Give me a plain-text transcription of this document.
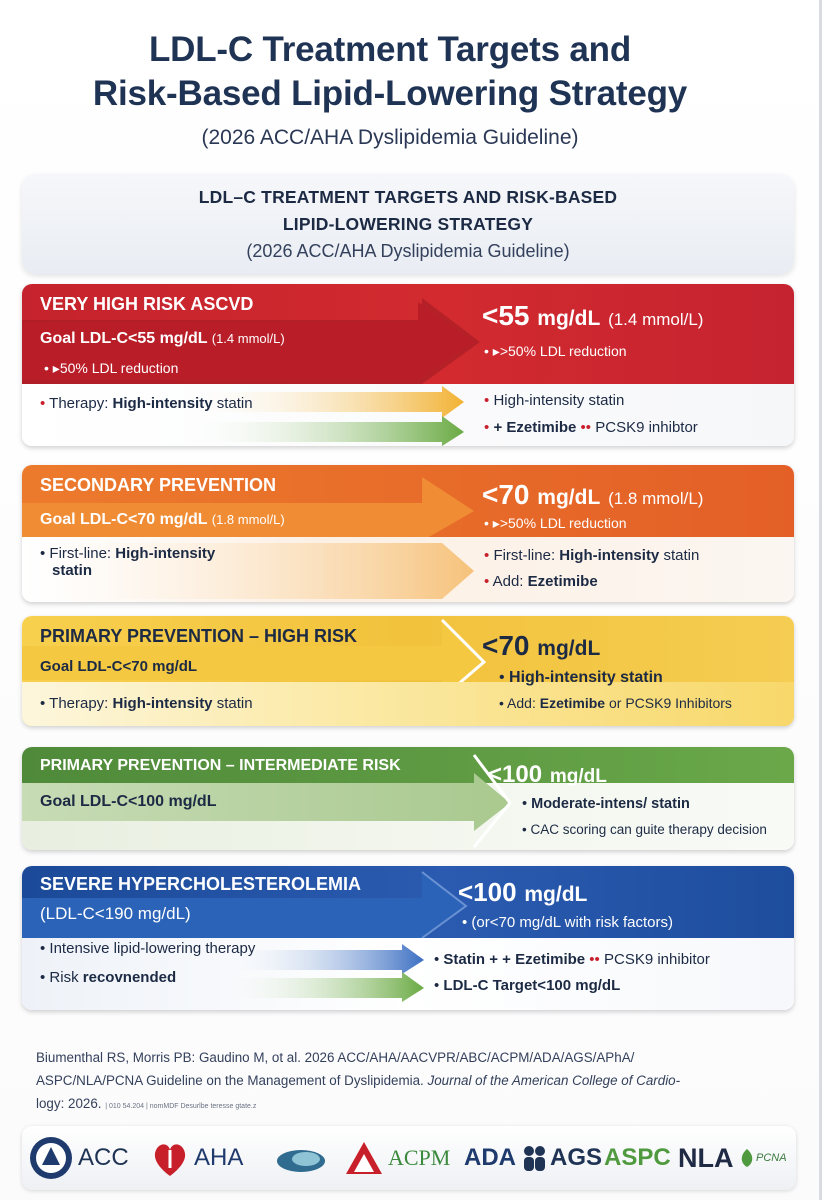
LDL-C Treatment Targets and
Risk-Based Lipid-Lowering Strategy
(2026 ACC/AHA Dyslipidemia Guideline)
LDL–C TREATMENT TARGETS AND RISK-BASED
LIPID-LOWERING STRATEGY
(2026 ACC/AHA Dyslipidemia Guideline)
VERY HIGH RISK ASCVD
Goal LDL-C<55 mg/dL (1.4 mmol/L)
• ▸50% LDL reduction
<55 mg/dL (1.4 mmol/L)
• ▸>50% LDL reduction
• Therapy: High-intensity statin	• High-intensity statin
• + Ezetimibe •• PCSK9 inhibtor
SECONDARY PREVENTION
Goal LDL-C<70 mg/dL (1.8 mmol/L)
<70 mg/dL (1.8 mmol/L)
• ▸>50% LDL reduction
• First-line: High-intensity
statin
• First-line: High-intensity statin
• Add: Ezetimibe
PRIMARY PREVENTION – HIGH RISK
Goal LDL-C<70 mg/dL
<70 mg/dL
• Therapy: High-intensity statin
• High-intensity statin
• Add: Ezetimibe or PCSK9 Inhibitors
PRIMARY PREVENTION – INTERMEDIATE RISK
Goal LDL-C<100 mg/dL
<100 mg/dL
• Moderate-intens/ statin
• CAC scoring can guite therapy decision
SEVERE HYPERCHOLESTEROLEMIA
(LDL-C<190 mg/dL)
<100 mg/dL
• (or<70 mg/dL with risk factors)
• Intensive lipid-lowering therapy
• Risk recovnended
• Statin + + Ezetimibe •• PCSK9 inhibitor
• LDL-C Target<100 mg/dL
Biumenthal RS, Morris PB: Gaudino M, ot al. 2026 ACC/AHA/AACVPR/ABC/ACPM/ADA/AGS/APhA/
ASPC/NLA/PCNA Guideline on the Management of Dyslipidemia. Journal of the American College of Cardio-
logy: 2026. | 010 54.204 | nomMDF Desurlbe teresse gtate.z
ACC	AHA	ACPM ADA AGS ASPC NLA PCNA
